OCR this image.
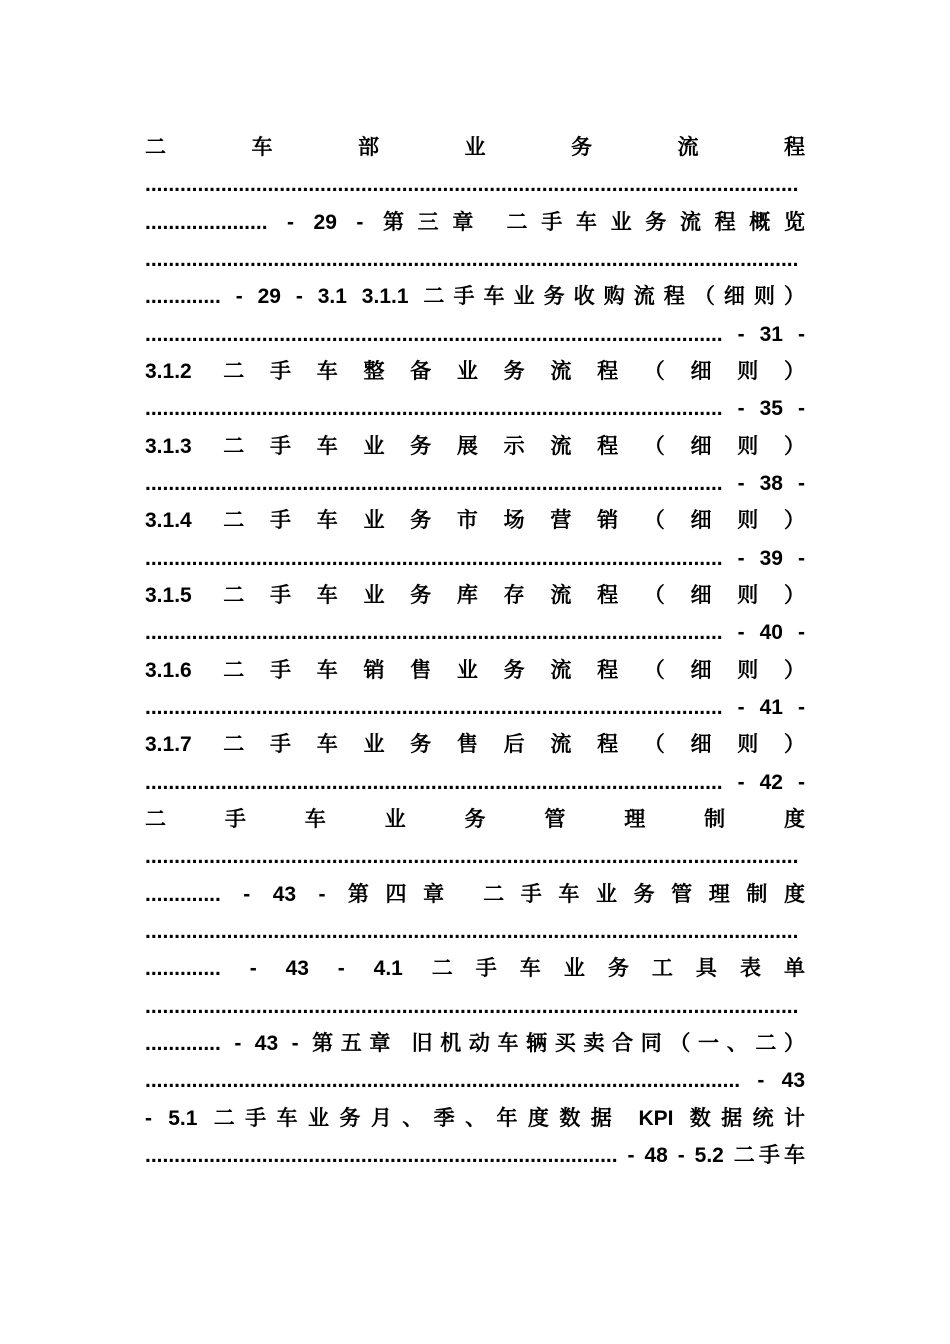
二车部业务流程
................................................................................................................
..................... - 29 - 第三章 二手车业务流程概览
................................................................................................................
............. - 29 - 3.1 3.1.1 二手车业务收购流程（细则）
................................................................................................... - 31 -
3.1.2 二手车整备业务流程（细则）
................................................................................................... - 35 -
3.1.3 二手车业务展示流程（细则）
................................................................................................... - 38 -
3.1.4 二手车业务市场营销（细则）
................................................................................................... - 39 -
3.1.5 二手车业务库存流程（细则）
................................................................................................... - 40 -
3.1.6 二手车销售业务流程（细则）
................................................................................................... - 41 -
3.1.7 二手车业务售后流程（细则）
................................................................................................... - 42 -
二手车业务管理制度
................................................................................................................
............. - 43 - 第四章 二手车业务管理制度
................................................................................................................
............. - 43 - 4.1 二手车业务工具表单
................................................................................................................
............. - 43 - 第五章 旧机动车辆买卖合同（一、二）
...................................................................................................... - 43
- 5.1 二手车业务月、季、年度数据 KPI 数据统计
................................................................................. - 48 - 5.2 二手车
